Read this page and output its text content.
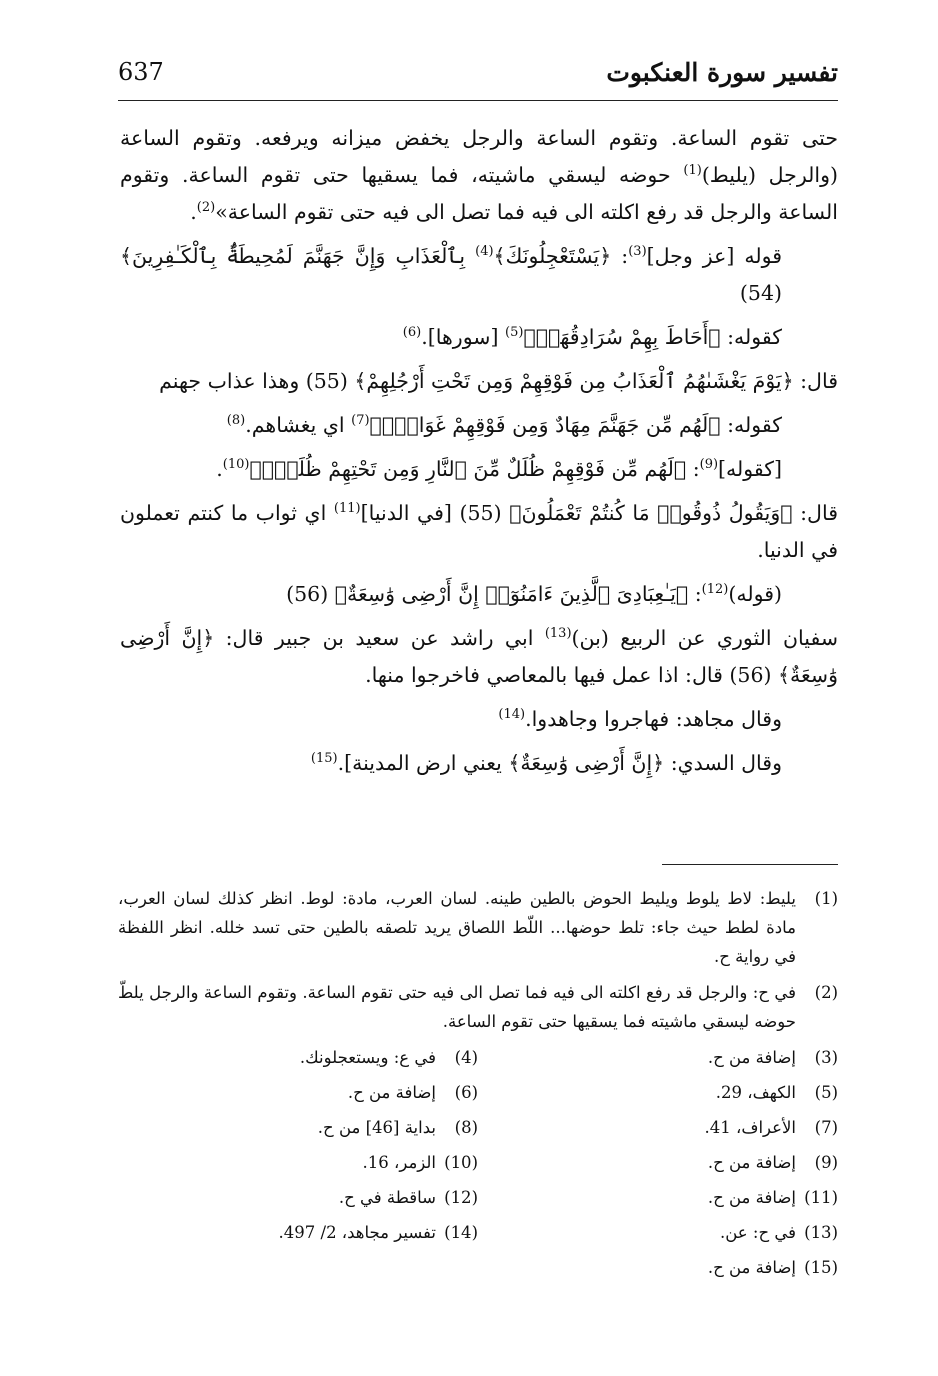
تفسير سورة العنكبوت
637

حتى تقوم الساعة. وتقوم الساعة والرجل يخفض ميزانه ويرفعه. وتقوم الساعة (والرجل (يليط)$^{(1)}$ حوضه ليسقي ماشيته، فما يسقيها حتى تقوم الساعة. وتقوم الساعة والرجل قد رفع اكلته الى فيه فما تصل الى فيه حتى تقوم الساعة»$^{(2)}$.

قوله [عز وجل]$^{(3)}$: ﴿يَسْتَعْجِلُونَكَ﴾$^{(4)}$ بِٱلْعَذَابِ وَإِنَّ جَهَنَّمَ لَمُحِيطَةٌۢ بِٱلْكَـٰفِرِينَ﴾ (54)

كقوله: ﴿أَحَاطَ بِهِمْ سُرَادِقُهَاۚ﴾$^{(5)}$ [سورها].$^{(6)}$

قال: ﴿يَوْمَ يَغْشَىٰهُمُ ٱلْعَذَابُ مِن فَوْقِهِمْ وَمِن تَحْتِ أَرْجُلِهِمْ﴾ (55) وهذا عذاب جهنم

كقوله: ﴿لَهُم مِّن جَهَنَّمَ مِهَادٌ وَمِن فَوْقِهِمْ غَوَاشٍۚ﴾$^{(7)}$ اي يغشاهم.$^{(8)}$

[كقوله]$^{(9)}$: ﴿لَهُم مِّن فَوْقِهِمْ ظُلَلٌ مِّنَ ٱلنَّارِ وَمِن تَحْتِهِمْ ظُلَلٌۚ﴾$^{(10)}$.

قال: ﴿وَيَقُولُ ذُوقُوا۟ مَا كُنتُمْ تَعْمَلُونَ﴾ (55) [في الدنيا]$^{(11)}$ اي ثواب ما كنتم تعملون في الدنيا.

(قوله)$^{(12)}$: ﴿يَـٰعِبَادِىَ ٱلَّذِينَ ءَامَنُوٓا۟ إِنَّ أَرْضِى وَٰسِعَةٌ﴾ (56)

سفيان الثوري عن الربيع (بن)$^{(13)}$ ابي راشد عن سعيد بن جبير قال: ﴿إِنَّ أَرْضِى وَٰسِعَةٌ﴾ (56) قال: اذا عمل فيها بالمعاصي فاخرجوا منها.

وقال مجاهد: فهاجروا وجاهدوا.$^{(14)}$

وقال السدي: ﴿إِنَّ أَرْضِى وَٰسِعَةٌ﴾ يعني ارض المدينة].$^{(15)}$

(1)
يليط: لاط يلوط ويليط الحوض بالطين طينه. لسان العرب، مادة: لوط. انظر كذلك لسان العرب، مادة لطط حيث جاء: تلط حوضها... اللّط اللصاق يريد تلصقه بالطين حتى تسد خلله. انظر اللفظة في رواية ح.
(2)
في ح: والرجل قد رفع اكلته الى فيه فما تصل الى فيه حتى تقوم الساعة. وتقوم الساعة والرجل يلطّ حوضه ليسقي ماشيته فما يسقيها حتى تقوم الساعة.
(3)
إضافة من ح.
(4)
في ع: ويستعجلونك.
(5)
الكهف، 29.
(6)
إضافة من ح.
(7)
الأعراف، 41.
(8)
بداية [46] من ح.
(9)
إضافة من ح.
(10)
الزمر، 16.
(11)
إضافة من ح.
(12)
ساقطة في ح.
(13)
في ح: عن.
(14)
تفسير مجاهد، 2/ 497.
(15)
إضافة من ح.
